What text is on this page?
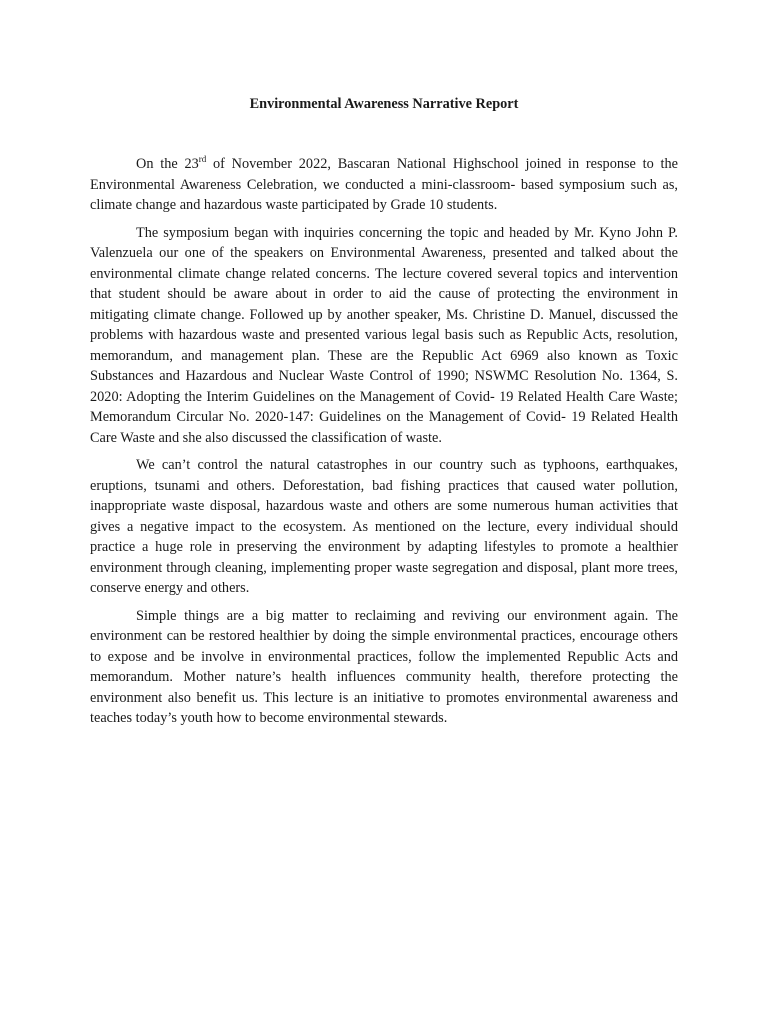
Environmental Awareness Narrative Report

On the 23rd of November 2022, Bascaran National Highschool joined in response to the Environmental Awareness Celebration, we conducted a mini-classroom- based symposium such as, climate change and hazardous waste participated by Grade 10 students.

The symposium began with inquiries concerning the topic and headed by Mr. Kyno John P. Valenzuela our one of the speakers on Environmental Awareness, presented and talked about the environmental climate change related concerns. The lecture covered several topics and intervention that student should be aware about in order to aid the cause of protecting the environment in mitigating climate change. Followed up by another speaker, Ms. Christine D. Manuel, discussed the problems with hazardous waste and presented various legal basis such as Republic Acts, resolution, memorandum, and management plan. These are the Republic Act 6969 also known as Toxic Substances and Hazardous and Nuclear Waste Control of 1990; NSWMC Resolution No. 1364, S. 2020: Adopting the Interim Guidelines on the Management of Covid- 19 Related Health Care Waste; Memorandum Circular No. 2020-147: Guidelines on the Management of Covid- 19 Related Health Care Waste and she also discussed the classification of waste.

We can’t control the natural catastrophes in our country such as typhoons, earthquakes, eruptions, tsunami and others. Deforestation, bad fishing practices that caused water pollution, inappropriate waste disposal, hazardous waste and others are some numerous human activities that gives a negative impact to the ecosystem. As mentioned on the lecture, every individual should practice a huge role in preserving the environment by adapting lifestyles to promote a healthier environment through cleaning, implementing proper waste segregation and disposal, plant more trees, conserve energy and others.

Simple things are a big matter to reclaiming and reviving our environment again. The environment can be restored healthier by doing the simple environmental practices, encourage others to expose and be involve in environmental practices, follow the implemented Republic Acts and memorandum. Mother nature’s health influences community health, therefore protecting the environment also benefit us. This lecture is an initiative to promotes environmental awareness and teaches today’s youth how to become environmental stewards.
